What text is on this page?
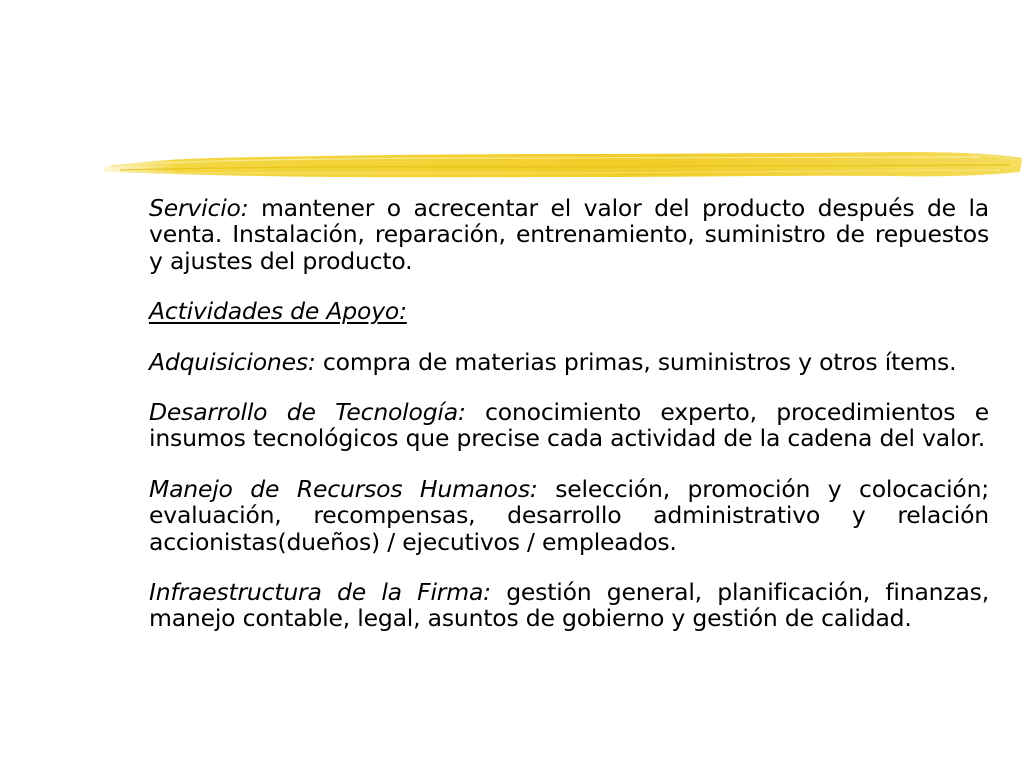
Servicio: mantener o acrecentar el valor del producto después de la venta. Instalación, reparación, entrenamiento, suministro de repuestos y ajustes del producto.

Actividades de Apoyo:

Adquisiciones: compra de materias primas, suministros y otros ítems.

Desarrollo de Tecnología: conocimiento experto, procedimientos e insumos tecnológicos que precise cada actividad de la cadena del valor.

Manejo de Recursos Humanos: selección, promoción y colocación; evaluación, recompensas, desarrollo administrativo y relación accionistas(dueños) / ejecutivos / empleados.

Infraestructura de la Firma: gestión general, planificación, finanzas, manejo contable, legal, asuntos de gobierno y gestión de calidad.
